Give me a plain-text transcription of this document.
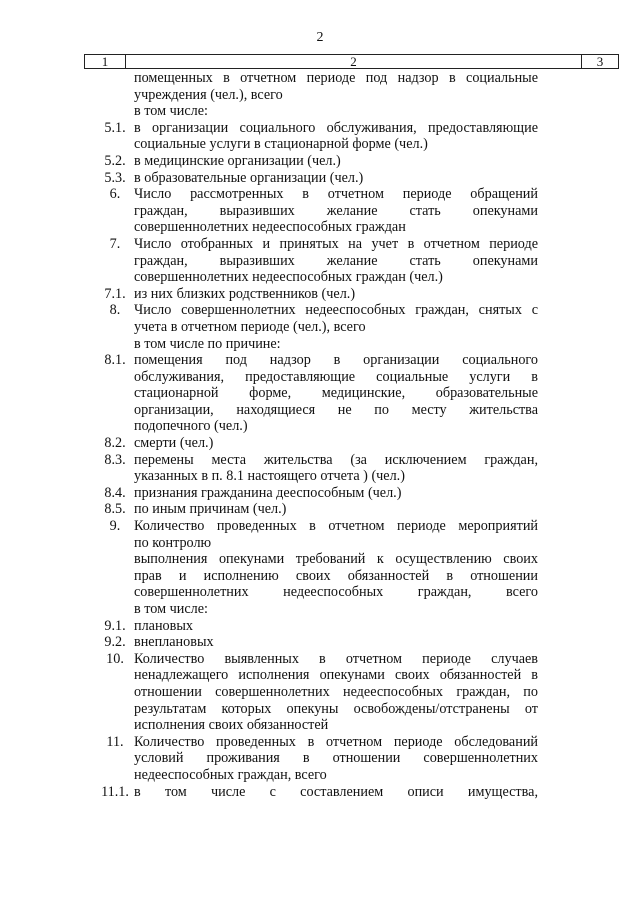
2
1	2	3
помещенных в отчетном периоде под надзор в социальные
учреждения (чел.), всего
в том числе:
5.1. в организации социального обслуживания, предоставляющие
социальные услуги в стационарной форме (чел.)
5.2. в медицинские организации (чел.)
5.3. в образовательные организации (чел.)
6. Число рассмотренных в отчетном периоде обращений
граждан, выразивших желание стать опекунами
совершеннолетних недееспособных граждан
7. Число отобранных и принятых на учет в отчетном периоде
граждан, выразивших желание стать опекунами
совершеннолетних недееспособных граждан (чел.)
7.1. из них близких родственников (чел.)
8. Число совершеннолетних недееспособных граждан, снятых с
учета в отчетном периоде (чел.), всего
в том числе по причине:
8.1. помещения под надзор в организации социального
обслуживания, предоставляющие социальные услуги в
стационарной форме, медицинские, образовательные
организации, находящиеся не по месту жительства
подопечного (чел.)
8.2. смерти (чел.)
8.3. перемены места жительства (за исключением граждан,
указанных в п. 8.1 настоящего отчета ) (чел.)
8.4. признания гражданина дееспособным (чел.)
8.5. по иным причинам (чел.)
9. Количество проведенных в отчетном периоде мероприятий
по контролю
выполнения опекунами требований к осуществлению своих
прав и исполнению своих обязанностей в отношении
совершеннолетних недееспособных граждан, всего
в том числе:
9.1. плановых
9.2. внеплановых
10. Количество выявленных в отчетном периоде случаев
ненадлежащего исполнения опекунами своих обязанностей в
отношении совершеннолетних недееспособных граждан, по
результатам которых опекуны освобождены/отстранены от
исполнения своих обязанностей
11. Количество проведенных в отчетном периоде обследований
условий проживания в отношении совершеннолетних
недееспособных граждан, всего
11.1. в том числе с составлением описи имущества,
